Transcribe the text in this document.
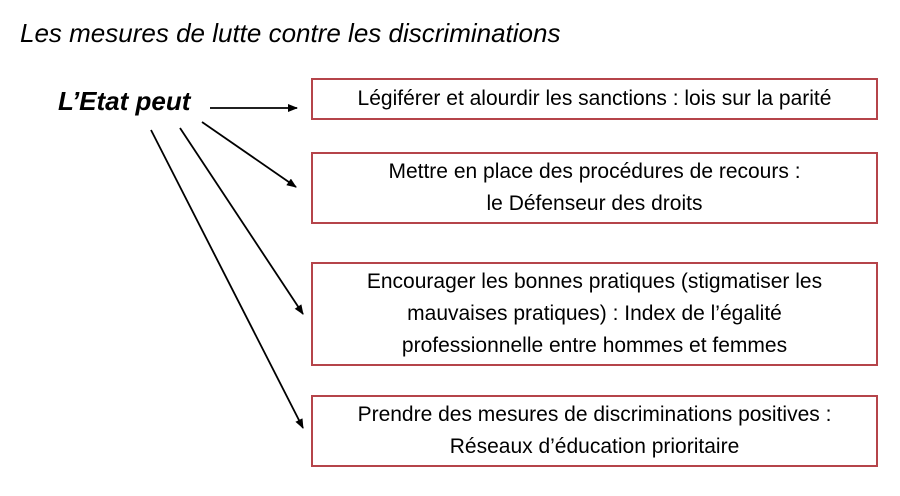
Les mesures de lutte contre les discriminations
L’Etat peut	Légiférer et alourdir les sanctions : lois sur la parité
Mettre en place des procédures de recours :
le Défenseur des droits
Encourager les bonnes pratiques (stigmatiser les
mauvaises pratiques) : Index de l’égalité
professionnelle entre hommes et femmes
Prendre des mesures de discriminations positives :
Réseaux d’éducation prioritaire
